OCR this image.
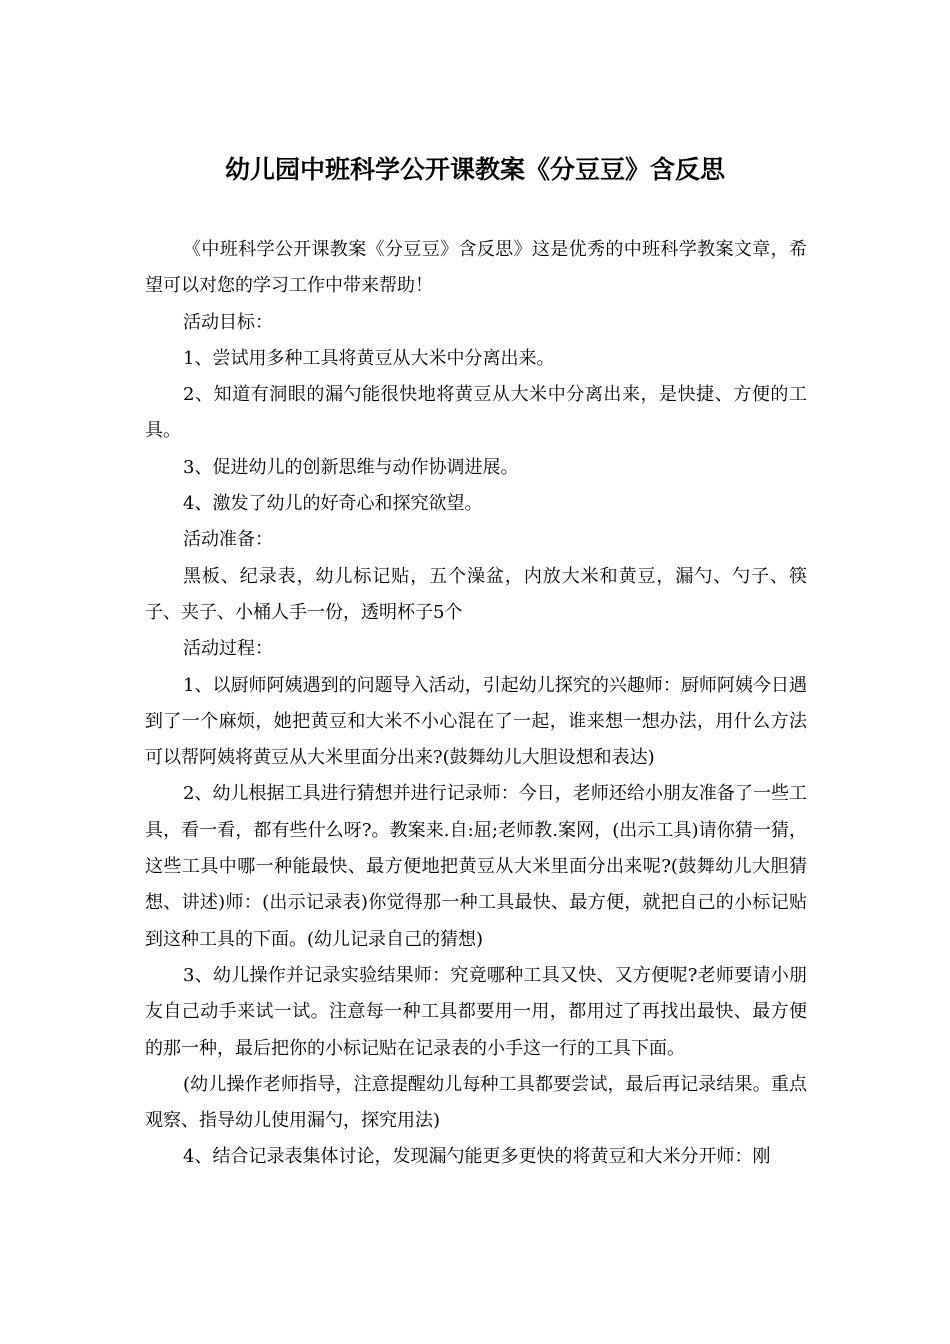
幼儿园中班科学公开课教案《分豆豆》含反思

《中班科学公开课教案《分豆豆》含反思》这是优秀的中班科学教案文章，希望可以对您的学习工作中带来帮助！

活动目标：

1、尝试用多种工具将黄豆从大米中分离出来。

2、知道有洞眼的漏勺能很快地将黄豆从大米中分离出来，是快捷、方便的工具。

3、促进幼儿的创新思维与动作协调进展。

4、激发了幼儿的好奇心和探究欲望。

活动准备：

黑板、纪录表，幼儿标记贴，五个澡盆，内放大米和黄豆，漏勺、勺子、筷子、夹子、小桶人手一份，透明杯子5个

活动过程：

1、以厨师阿姨遇到的问题导入活动，引起幼儿探究的兴趣师：厨师阿姨今日遇到了一个麻烦，她把黄豆和大米不小心混在了一起，谁来想一想办法，用什么方法可以帮阿姨将黄豆从大米里面分出来?(鼓舞幼儿大胆设想和表达)

2、幼儿根据工具进行猜想并进行记录师：今日，老师还给小朋友准备了一些工具，看一看，都有些什么呀?。教案来.自:屈;老师教.案网，(出示工具)请你猜一猜，这些工具中哪一种能最快、最方便地把黄豆从大米里面分出来呢?(鼓舞幼儿大胆猜想、讲述)师：(出示记录表)你觉得那一种工具最快、最方便，就把自己的小标记贴到这种工具的下面。(幼儿记录自己的猜想)

3、幼儿操作并记录实验结果师：究竟哪种工具又快、又方便呢?老师要请小朋友自己动手来试一试。注意每一种工具都要用一用，都用过了再找出最快、最方便的那一种，最后把你的小标记贴在记录表的小手这一行的工具下面。

(幼儿操作老师指导，注意提醒幼儿每种工具都要尝试，最后再记录结果。重点观察、指导幼儿使用漏勺，探究用法)

4、结合记录表集体讨论，发现漏勺能更多更快的将黄豆和大米分开师：刚
